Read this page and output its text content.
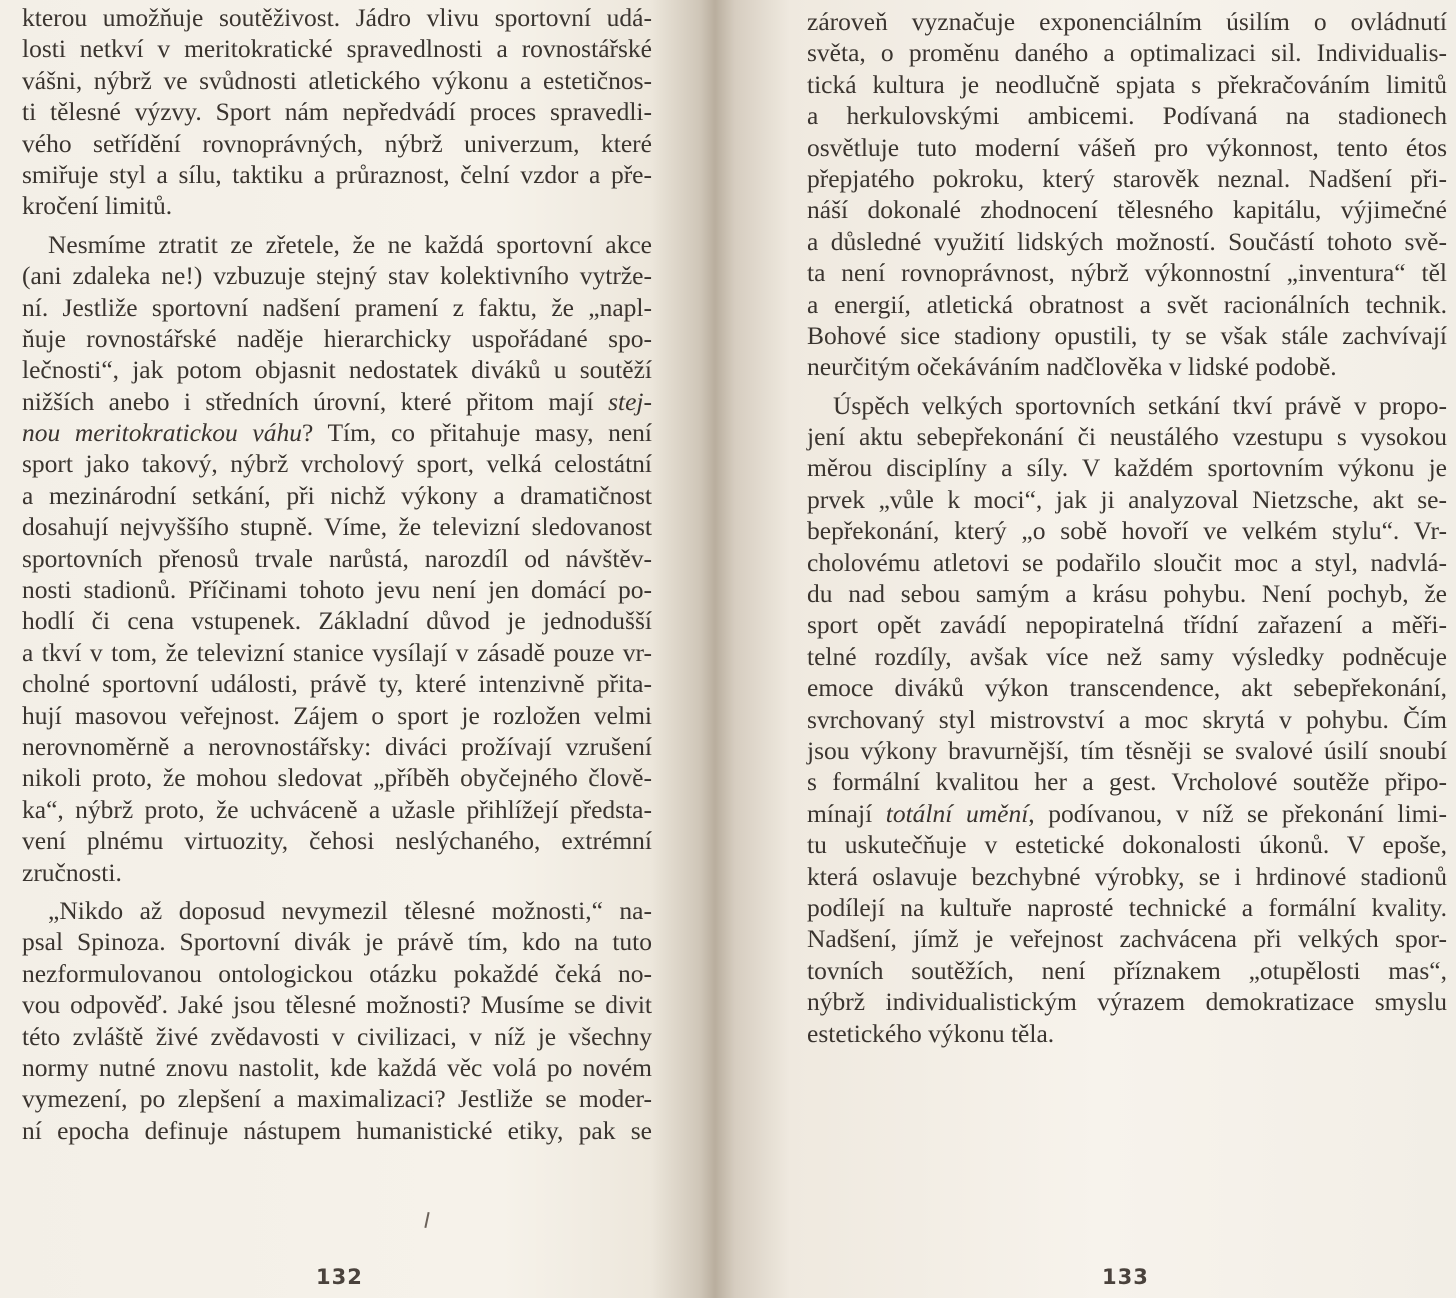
kterou umožňuje soutěživost. Jádro vlivu sportovní udá-
losti netkví v meritokratické spravedlnosti a rovnostářské
vášni, nýbrž ve svůdnosti atletického výkonu a estetičnos-
ti tělesné výzvy. Sport nám nepředvádí proces spravedli-
vého setřídění rovnoprávných, nýbrž univerzum, které
smiřuje styl a sílu, taktiku a průraznost, čelní vzdor a pře-
kročení limitů.
Nesmíme ztratit ze zřetele, že ne každá sportovní akce
(ani zdaleka ne!) vzbuzuje stejný stav kolektivního vytrže-
ní. Jestliže sportovní nadšení pramení z faktu, že „napl-
ňuje rovnostářské naděje hierarchicky uspořádané spo-
lečnosti“, jak potom objasnit nedostatek diváků u soutěží
nižších anebo i středních úrovní, které přitom mají stej-
nou meritokratickou váhu? Tím, co přitahuje masy, není
sport jako takový, nýbrž vrcholový sport, velká celostátní
a mezinárodní setkání, při nichž výkony a dramatičnost
dosahují nejvyššího stupně. Víme, že televizní sledovanost
sportovních přenosů trvale narůstá, narozdíl od návštěv-
nosti stadionů. Příčinami tohoto jevu není jen domácí po-
hodlí či cena vstupenek. Základní důvod je jednodušší
a tkví v tom, že televizní stanice vysílají v zásadě pouze vr-
cholné sportovní události, právě ty, které intenzivně přita-
hují masovou veřejnost. Zájem o sport je rozložen velmi
nerovnoměrně a nerovnostářsky: diváci prožívají vzrušení
nikoli proto, že mohou sledovat „příběh obyčejného člově-
ka“, nýbrž proto, že uchváceně a užasle přihlížejí předsta-
vení plnému virtuozity, čehosi neslýchaného, extrémní
zručnosti.
„Nikdo až doposud nevymezil tělesné možnosti,“ na-
psal Spinoza. Sportovní divák je právě tím, kdo na tuto
nezformulovanou ontologickou otázku pokaždé čeká no-
vou odpověď. Jaké jsou tělesné možnosti? Musíme se divit
této zvláště živé zvědavosti v civilizaci, v níž je všechny
normy nutné znovu nastolit, kde každá věc volá po novém
vymezení, po zlepšení a maximalizaci? Jestliže se moder-
ní epocha definuje nástupem humanistické etiky, pak se
132
zároveň vyznačuje exponenciálním úsilím o ovládnutí
světa, o proměnu daného a optimalizaci sil. Individualis-
tická kultura je neodlučně spjata s překračováním limitů
a herkulovskými ambicemi. Podívaná na stadionech
osvětluje tuto moderní vášeň pro výkonnost, tento étos
přepjatého pokroku, který starověk neznal. Nadšení při-
náší dokonalé zhodnocení tělesného kapitálu, výjimečné
a důsledné využití lidských možností. Součástí tohoto svě-
ta není rovnoprávnost, nýbrž výkonnostní „inventura“ těl
a energií, atletická obratnost a svět racionálních technik.
Bohové sice stadiony opustili, ty se však stále zachvívají
neurčitým očekáváním nadčlověka v lidské podobě.
Úspěch velkých sportovních setkání tkví právě v propo-
jení aktu sebepřekonání či neustálého vzestupu s vysokou
měrou disciplíny a síly. V každém sportovním výkonu je
prvek „vůle k moci“, jak ji analyzoval Nietzsche, akt se-
bepřekonání, který „o sobě hovoří ve velkém stylu“. Vr-
cholovému atletovi se podařilo sloučit moc a styl, nadvlá-
du nad sebou samým a krásu pohybu. Není pochyb, že
sport opět zavádí nepopiratelná třídní zařazení a měři-
telné rozdíly, avšak více než samy výsledky podněcuje
emoce diváků výkon transcendence, akt sebepřekonání,
svrchovaný styl mistrovství a moc skrytá v pohybu. Čím
jsou výkony bravurnější, tím těsněji se svalové úsilí snoubí
s formální kvalitou her a gest. Vrcholové soutěže připo-
mínají totální umění, podívanou, v níž se překonání limi-
tu uskutečňuje v estetické dokonalosti úkonů. V epoše,
která oslavuje bezchybné výrobky, se i hrdinové stadionů
podílejí na kultuře naprosté technické a formální kvality.
Nadšení, jímž je veřejnost zachvácena při velkých spor-
tovních soutěžích, není příznakem „otupělosti mas“,
nýbrž individualistickým výrazem demokratizace smyslu
estetického výkonu těla.
133
